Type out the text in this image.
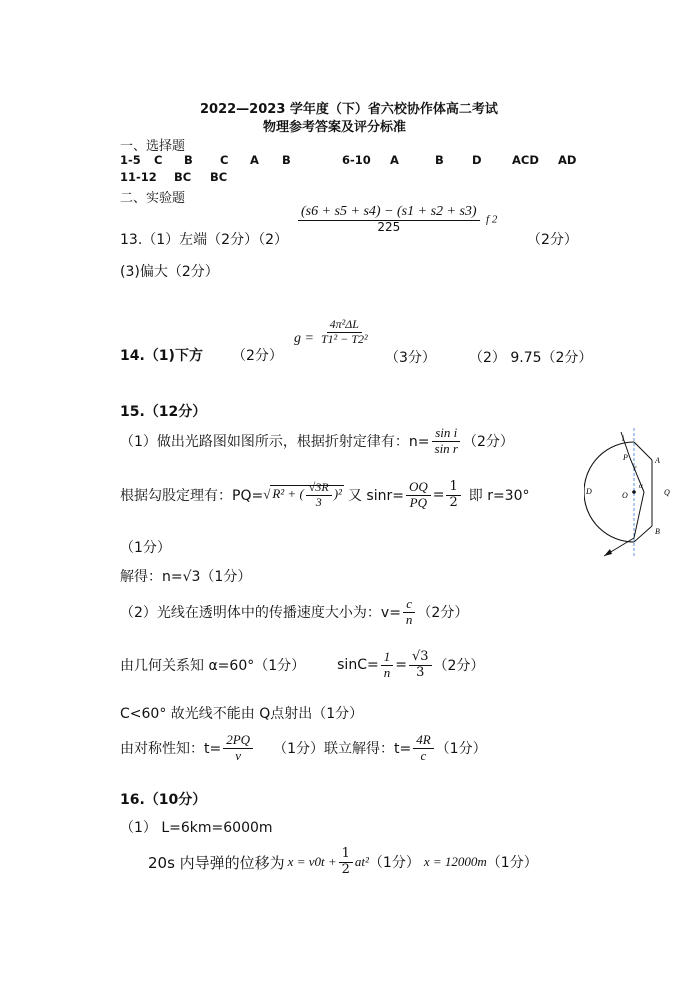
2022—2023 学年度（下）省六校协作体高二考试
物理参考答案及评分标准
一、选择题
1-5 C B C A B	6-10 A	B D	ACD AD
11-12 BC BC
二、实验题
13.（1）左端（2分）（2）
$\frac{(s6 + s5 + s4) - (s1 + s2 + s3)}{225}$ f 2
（2分）
(3)偏大（2分）
14.（1)下方 （2分）
$g = \frac{\text{4π²ΔL}}{\text{T1² − T2²}}$
（3分） （2） 9.75（2分）
15.（12分）
（1）做出光路图如图所示，根据折射定律有：$n= \frac{\text{sin i}}{\text{sin r}} (2$分）
根据勾股定理有：PQ= √ R² + ( $\frac{√3R}{3} )^2$ 又 $\sin r= \frac{OQ}{PQ} = \frac{1}{2}$ 即 r=30°
（1分）
解得：n=√3（1分）
（2）光线在透明体中的传播速度大小为：$v= \frac{c}{n} (2$分）
由几何关系知 α=60°（1分） $\sin C= \frac{1}{n} = \frac{√3}{3} (2$分）
C<60° 故光线不能由 Q点射出（1分）
由对称性知：$t= \frac{2PQ}{v} (1$分）联立解得：$t= \frac{4R}{c} (1$分）
i
P
r
A
D	O
α
Q
B
16.（10分）
（1） L=6km=6000m
20s 内导弹的位移为 $x = v0t + \frac{1}{2} at^2$ （1分） x = 12000m （1分）
